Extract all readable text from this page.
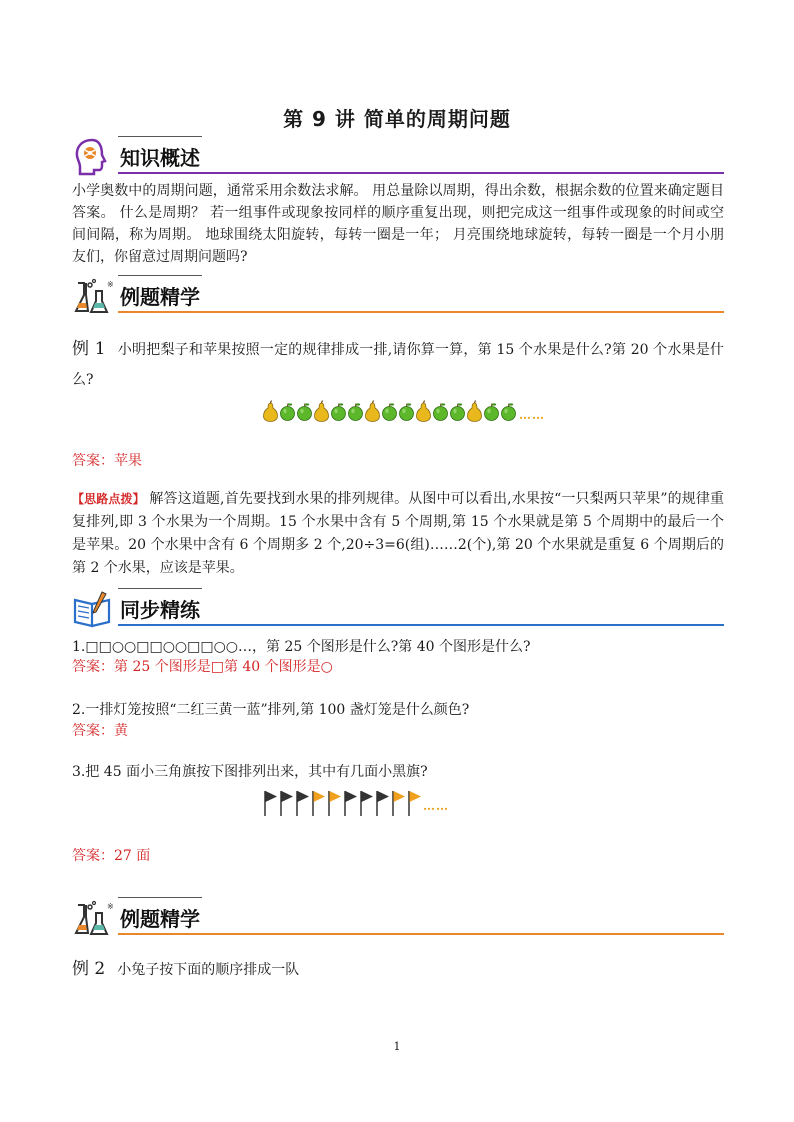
第 9 讲 简单的周期问题
知识概述
小学奥数中的周期问题，通常采用余数法求解。 用总量除以周期，得出余数，根据余数的位置来确定题目答案。 什么是周期？ 若一组事件或现象按同样的顺序重复出现，则把完成这一组事件或现象的时间或空间间隔，称为周期。 地球围绕太阳旋转，每转一圈是一年； 月亮围绕地球旋转，每转一圈是一个月小朋友们，你留意过周期问题吗?
※
例题精学
例 1 小明把梨子和苹果按照一定的规律排成一排,请你算一算，第 15 个水果是什么?第 20 个水果是什么?
……
答案：苹果
【思路点拨】 解答这道题,首先要找到水果的排列规律。从图中可以看出,水果按“一只梨两只苹果”的规律重复排列,即 3 个水果为一个周期。15 个水果中含有 5 个周期,第 15 个水果就是第 5 个周期中的最后一个是苹果。20 个水果中含有 6 个周期多 2 个,20÷3=6(组)……2(个),第 20 个水果就是重复 6 个周期后的第 2 个水果，应该是苹果。
同步精练
1.□□○○□□○○□□○○…，第 25 个图形是什么?第 40 个图形是什么?
答案：第 25 个图形是□第 40 个图形是○
2.一排灯笼按照“二红三黄一蓝”排列,第 100 盏灯笼是什么颜色?
答案：黄
3.把 45 面小三角旗按下图排列出来，其中有几面小黑旗?
……
答案：27 面
※
例题精学
例 2 小兔子按下面的顺序排成一队
1
